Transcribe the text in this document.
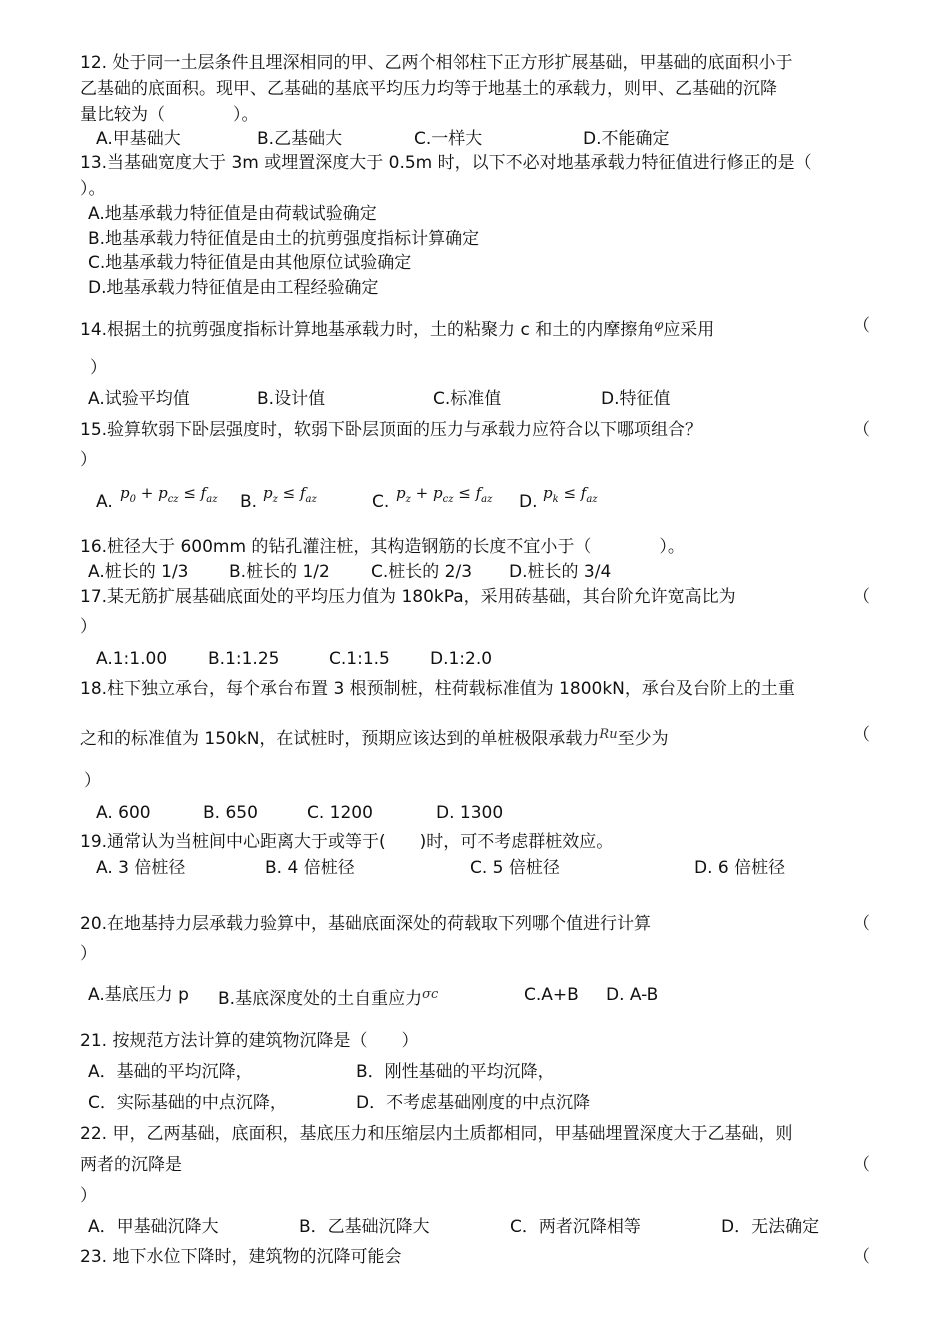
12. 处于同一土层条件且埋深相同的甲、乙两个相邻柱下正方形扩展基础，甲基础的底面积小于
乙基础的底面积。现甲、乙基础的基底平均压力均等于地基土的承载力，则甲、乙基础的沉降
量比较为（　　　　）。
A.甲基础大	B.乙基础大	C.一样大	D.不能确定
13.当基础宽度大于 3m 或埋置深度大于 0.5m 时，以下不必对地基承载力特征值进行修正的是（
）。
A.地基承载力特征值是由荷载试验确定
B.地基承载力特征值是由土的抗剪强度指标计算确定
C.地基承载力特征值是由其他原位试验确定
D.地基承载力特征值是由工程经验确定
14.根据土的抗剪强度指标计算地基承载力时，土的粘聚力 c 和土的内摩擦角$^\varphi$应采用	（
）
A.试验平均值	B.设计值	C.标准值	D.特征值
15.验算软弱下卧层强度时，软弱下卧层顶面的压力与承载力应符合以下哪项组合？	（
）
A. $p_0 + p_{cz} \le f_{az}$ B. $p_z \le f_{az}$	C. $p_z + p_{cz} \le f_{az}$ D. $p_k \le f_{az}$
16.桩径大于 600mm 的钻孔灌注桩，其构造钢筋的长度不宜小于（　　　　）。
A.桩长的 1/3 B.桩长的 1/2 C.桩长的 2/3 D.桩长的 3/4
17.某无筋扩展基础底面处的平均压力值为 180kPa，采用砖基础，其台阶允许宽高比为	（
）
A.1:1.00 B.1:1.25	C.1:1.5 D.1:2.0
18.柱下独立承台，每个承台布置 3 根预制桩，柱荷载标准值为 1800kN，承台及台阶上的土重
之和的标准值为 150kN，在试桩时，预期应该达到的单桩极限承载力$^{Ru}$至少为	（
）
A. 600	B. 650	C. 1200	D. 1300
19.通常认为当桩间中心距离大于或等于(　　)时，可不考虑群桩效应。
A. 3 倍桩径	B. 4 倍桩径	C. 5 倍桩径	D. 6 倍桩径
20.在地基持力层承载力验算中，基础底面深处的荷载取下列哪个值进行计算	（
）
A.基底压力 p B.基底深度处的土自重应力$^{\sigma c}$	C.A+B D. A-B
21. 按规范方法计算的建筑物沉降是（　　）
A．基础的平均沉降，	B．刚性基础的平均沉降，
C．实际基础的中点沉降，	D．不考虑基础刚度的中点沉降
22. 甲，乙两基础，底面积，基底压力和压缩层内土质都相同，甲基础埋置深度大于乙基础，则
两者的沉降是	（
）
A．甲基础沉降大	B．乙基础沉降大	C．两者沉降相等	D．无法确定
23. 地下水位下降时，建筑物的沉降可能会	（
